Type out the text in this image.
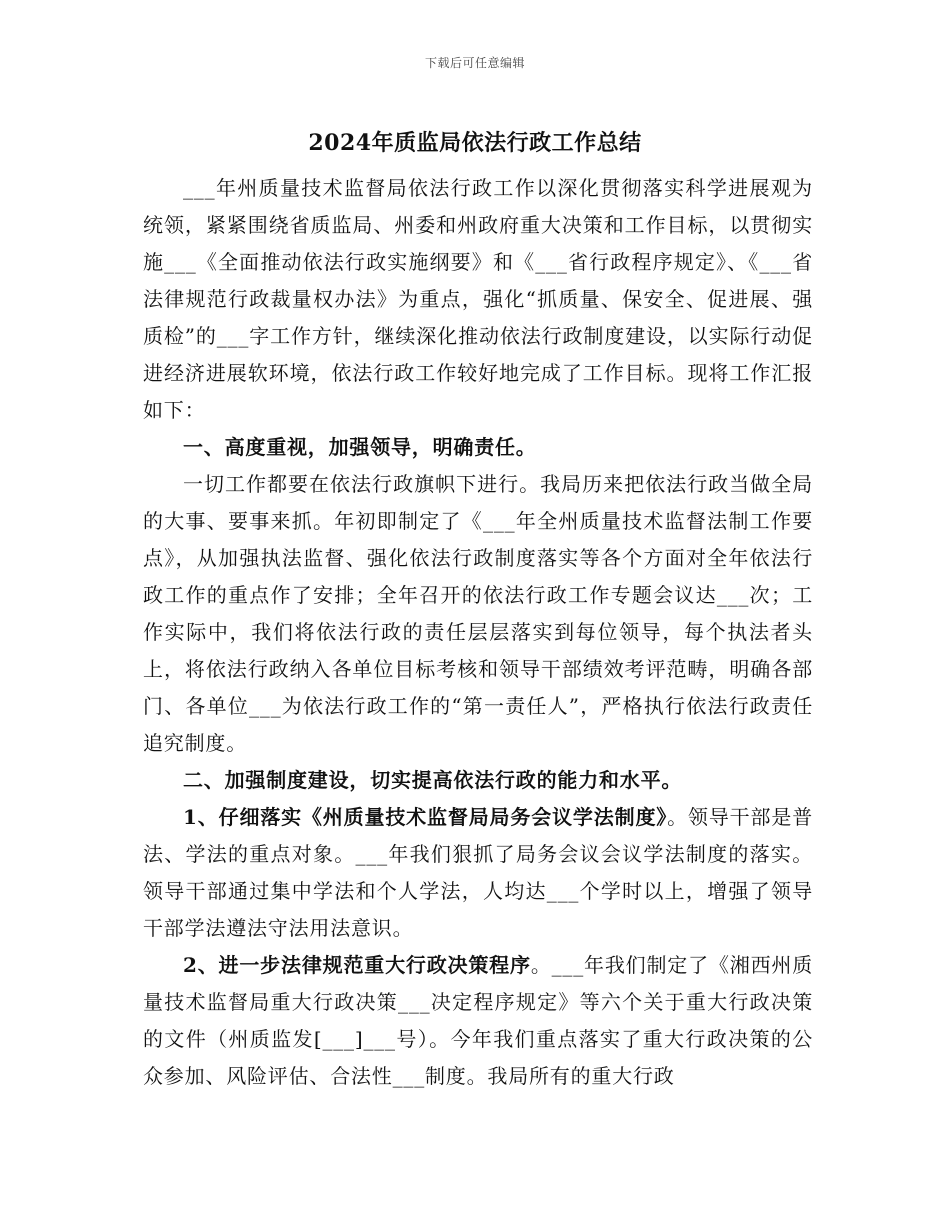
下载后可任意编辑
2024年质监局依法行政工作总结

___年州质量技术监督局依法行政工作以深化贯彻落实科学进展观为统领，紧紧围绕省质监局、州委和州政府重大决策和工作目标，以贯彻实施___《全面推动依法行政实施纲要》和《___省行政程序规定》、《___省法律规范行政裁量权办法》为重点，强化“抓质量、保安全、促进展、强质检”的___字工作方针，继续深化推动依法行政制度建设，以实际行动促进经济进展软环境，依法行政工作较好地完成了工作目标。现将工作汇报如下：

一、高度重视，加强领导，明确责任。

一切工作都要在依法行政旗帜下进行。我局历来把依法行政当做全局的大事、要事来抓。年初即制定了《___年全州质量技术监督法制工作要点》，从加强执法监督、强化依法行政制度落实等各个方面对全年依法行政工作的重点作了安排；全年召开的依法行政工作专题会议达___次；工作实际中，我们将依法行政的责任层层落实到每位领导，每个执法者头上，将依法行政纳入各单位目标考核和领导干部绩效考评范畴，明确各部门、各单位___为依法行政工作的“第一责任人”，严格执行依法行政责任追究制度。

二、加强制度建设，切实提高依法行政的能力和水平。

1、仔细落实《州质量技术监督局局务会议学法制度》。领导干部是普法、学法的重点对象。___年我们狠抓了局务会议会议学法制度的落实。领导干部通过集中学法和个人学法，人均达___个学时以上，增强了领导干部学法遵法守法用法意识。

2、进一步法律规范重大行政决策程序。___年我们制定了《湘西州质量技术监督局重大行政决策___决定程序规定》等六个关于重大行政决策的文件（州质监发[___]___号）。今年我们重点落实了重大行政决策的公众参加、风险评估、合法性___制度。我局所有的重大行政
